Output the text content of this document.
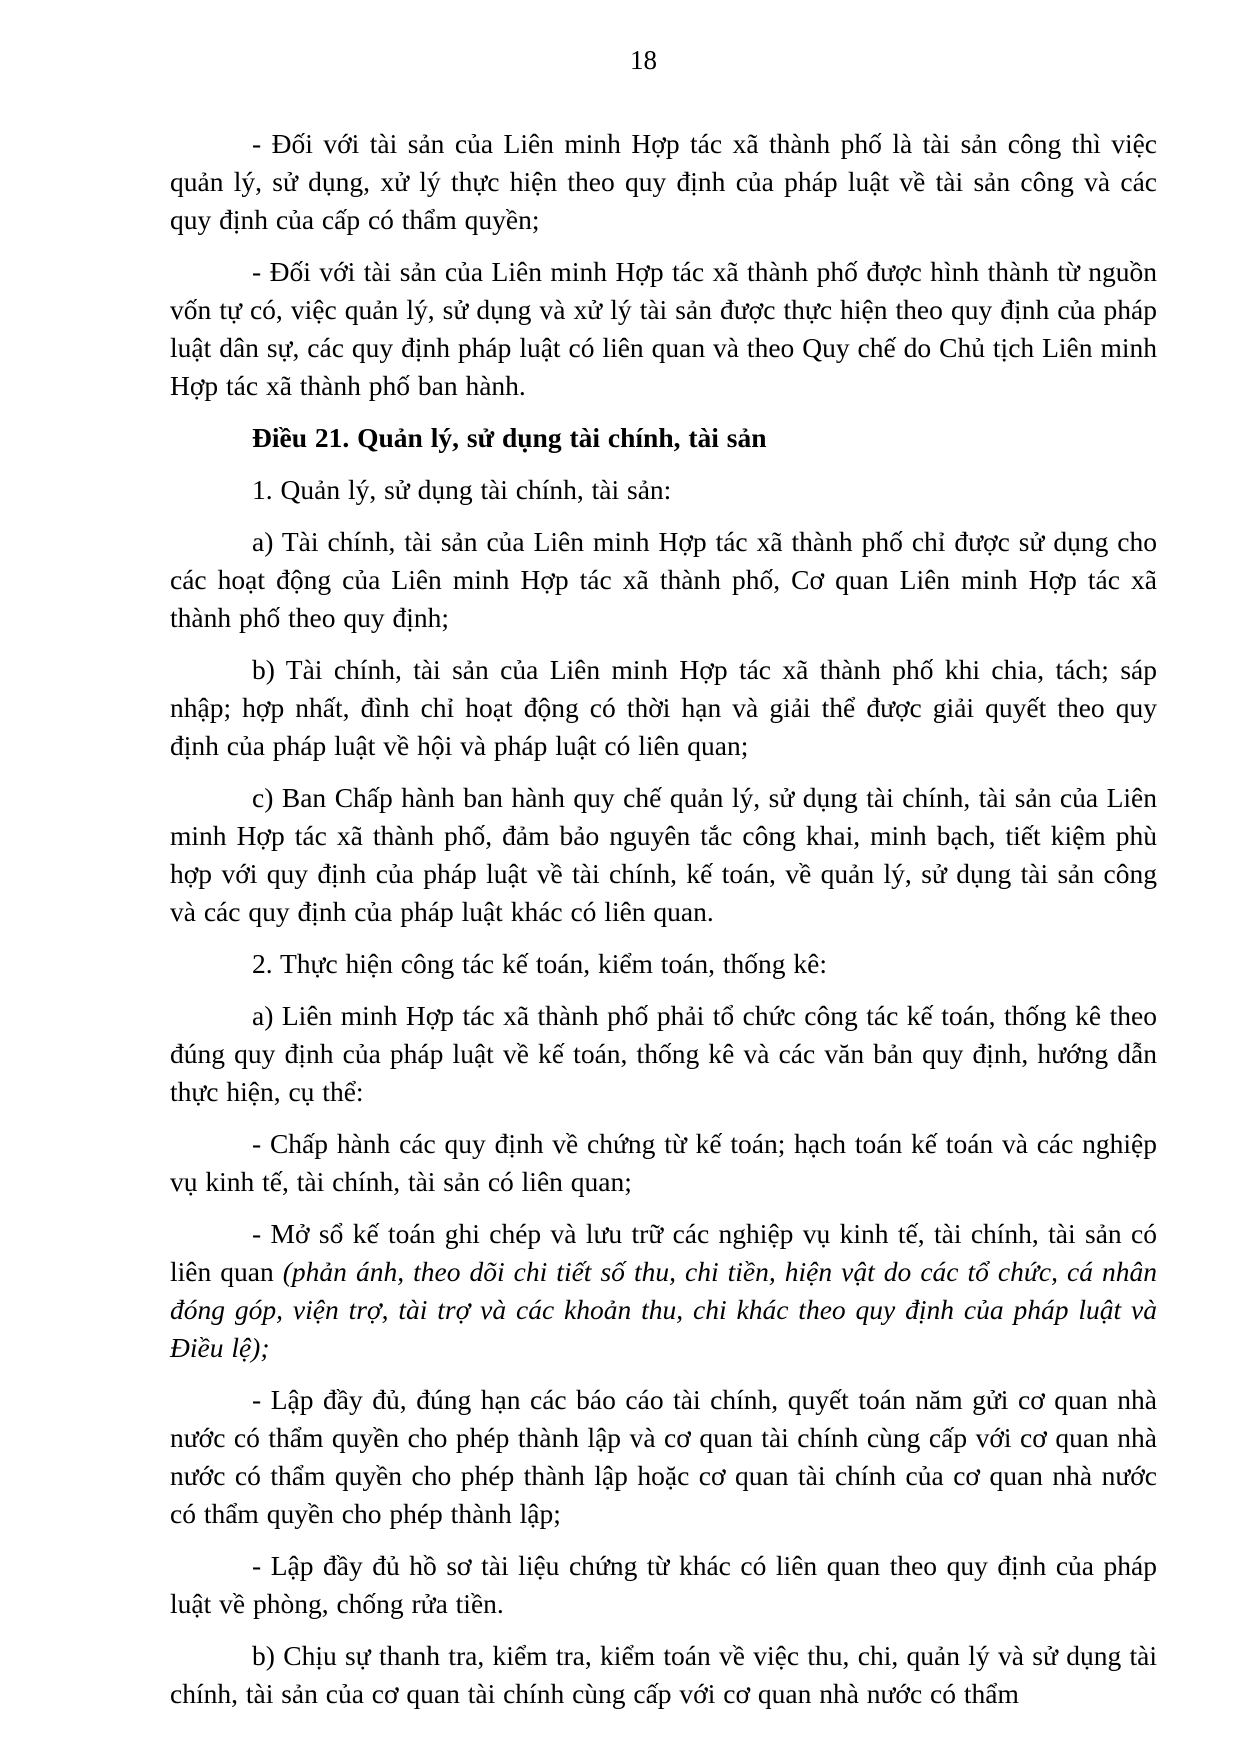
18

- Đối với tài sản của Liên minh Hợp tác xã thành phố là tài sản công thì việc quản lý, sử dụng, xử lý thực hiện theo quy định của pháp luật về tài sản công và các quy định của cấp có thẩm quyền;

- Đối với tài sản của Liên minh Hợp tác xã thành phố được hình thành từ nguồn vốn tự có, việc quản lý, sử dụng và xử lý tài sản được thực hiện theo quy định của pháp luật dân sự, các quy định pháp luật có liên quan và theo Quy chế do Chủ tịch Liên minh Hợp tác xã thành phố ban hành.

Điều 21. Quản lý, sử dụng tài chính, tài sản

1. Quản lý, sử dụng tài chính, tài sản:

a) Tài chính, tài sản của Liên minh Hợp tác xã thành phố chỉ được sử dụng cho các hoạt động của Liên minh Hợp tác xã thành phố, Cơ quan Liên minh Hợp tác xã thành phố theo quy định;

b) Tài chính, tài sản của Liên minh Hợp tác xã thành phố khi chia, tách; sáp nhập; hợp nhất, đình chỉ hoạt động có thời hạn và giải thể được giải quyết theo quy định của pháp luật về hội và pháp luật có liên quan;

c) Ban Chấp hành ban hành quy chế quản lý, sử dụng tài chính, tài sản của Liên minh Hợp tác xã thành phố, đảm bảo nguyên tắc công khai, minh bạch, tiết kiệm phù hợp với quy định của pháp luật về tài chính, kế toán, về quản lý, sử dụng tài sản công và các quy định của pháp luật khác có liên quan.

2. Thực hiện công tác kế toán, kiểm toán, thống kê:

a) Liên minh Hợp tác xã thành phố phải tổ chức công tác kế toán, thống kê theo đúng quy định của pháp luật về kế toán, thống kê và các văn bản quy định, hướng dẫn thực hiện, cụ thể:

- Chấp hành các quy định về chứng từ kế toán; hạch toán kế toán và các nghiệp vụ kinh tế, tài chính, tài sản có liên quan;

- Mở sổ kế toán ghi chép và lưu trữ các nghiệp vụ kinh tế, tài chính, tài sản có liên quan (phản ánh, theo dõi chi tiết số thu, chi tiền, hiện vật do các tổ chức, cá nhân đóng góp, viện trợ, tài trợ và các khoản thu, chi khác theo quy định của pháp luật và Điều lệ);

- Lập đầy đủ, đúng hạn các báo cáo tài chính, quyết toán năm gửi cơ quan nhà nước có thẩm quyền cho phép thành lập và cơ quan tài chính cùng cấp với cơ quan nhà nước có thẩm quyền cho phép thành lập hoặc cơ quan tài chính của cơ quan nhà nước có thẩm quyền cho phép thành lập;

- Lập đầy đủ hồ sơ tài liệu chứng từ khác có liên quan theo quy định của pháp luật về phòng, chống rửa tiền.

b) Chịu sự thanh tra, kiểm tra, kiểm toán về việc thu, chi, quản lý và sử dụng tài chính, tài sản của cơ quan tài chính cùng cấp với cơ quan nhà nước có thẩm
